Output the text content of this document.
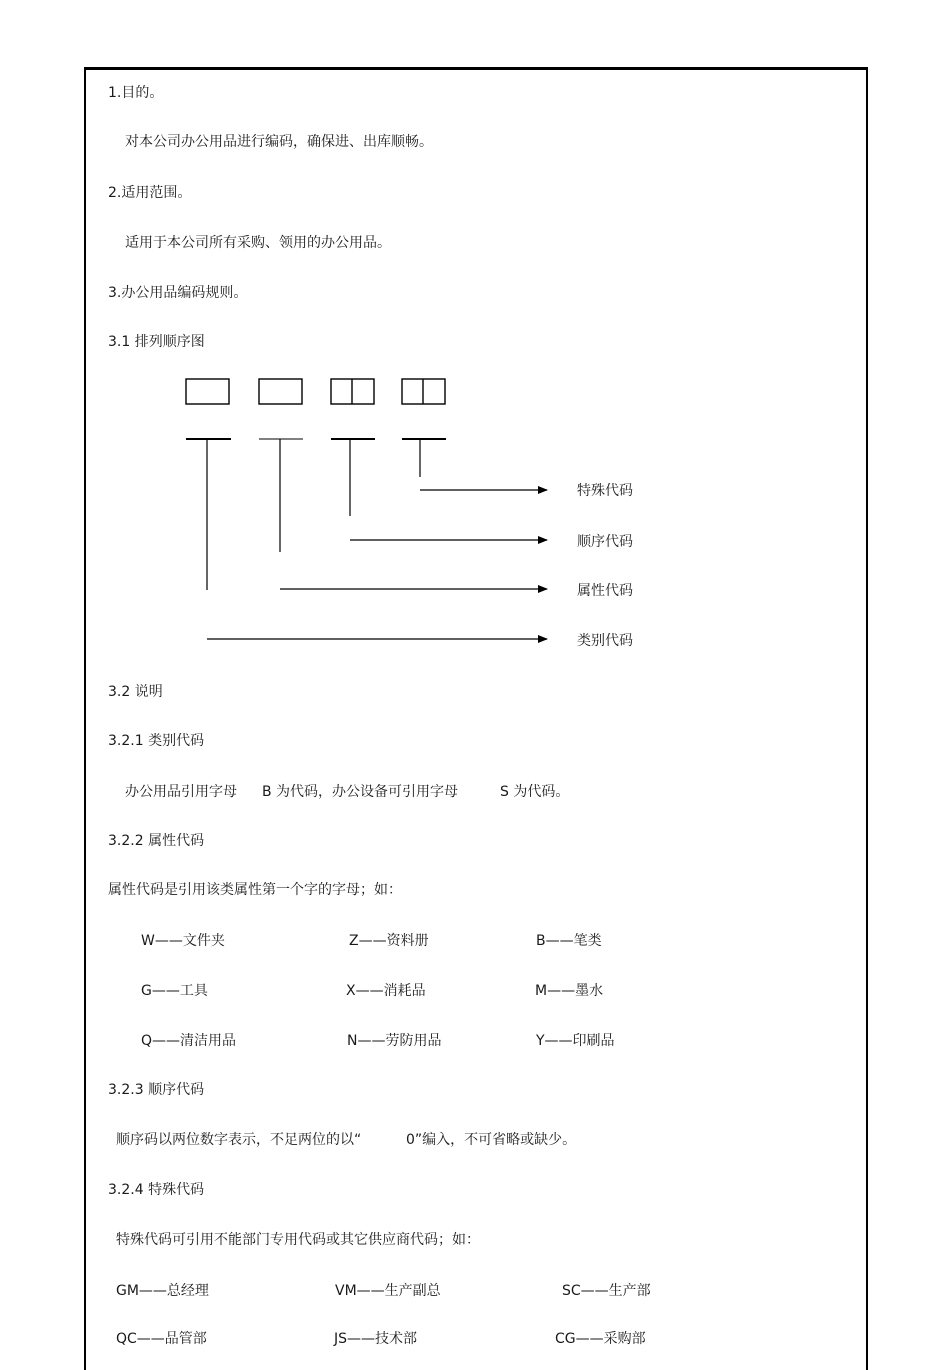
1.目的。
对本公司办公用品进行编码，确保进、出库顺畅。
2.适用范围。
适用于本公司所有采购、领用的办公用品。
3.办公用品编码规则。
3.1 排列顺序图
特殊代码
顺序代码
属性代码
类别代码
3.2 说明
3.2.1 类别代码
办公用品引用字母 B 为代码，办公设备可引用字母	S 为代码。
3.2.2 属性代码
属性代码是引用该类属性第一个字的字母；如：
W——文件夹	Z——资料册	B——笔类
G——工具	X——消耗品	M——墨水
Q——清洁用品	N——劳防用品	Y——印刷品
3.2.3 顺序代码
顺序码以两位数字表示，不足两位的以“	0”编入，不可省略或缺少。
3.2.4 特殊代码
特殊代码可引用不能部门专用代码或其它供应商代码；如：
GM——总经理	VM——生产副总	SC——生产部
QC——品管部	JS——技术部	CG——采购部
